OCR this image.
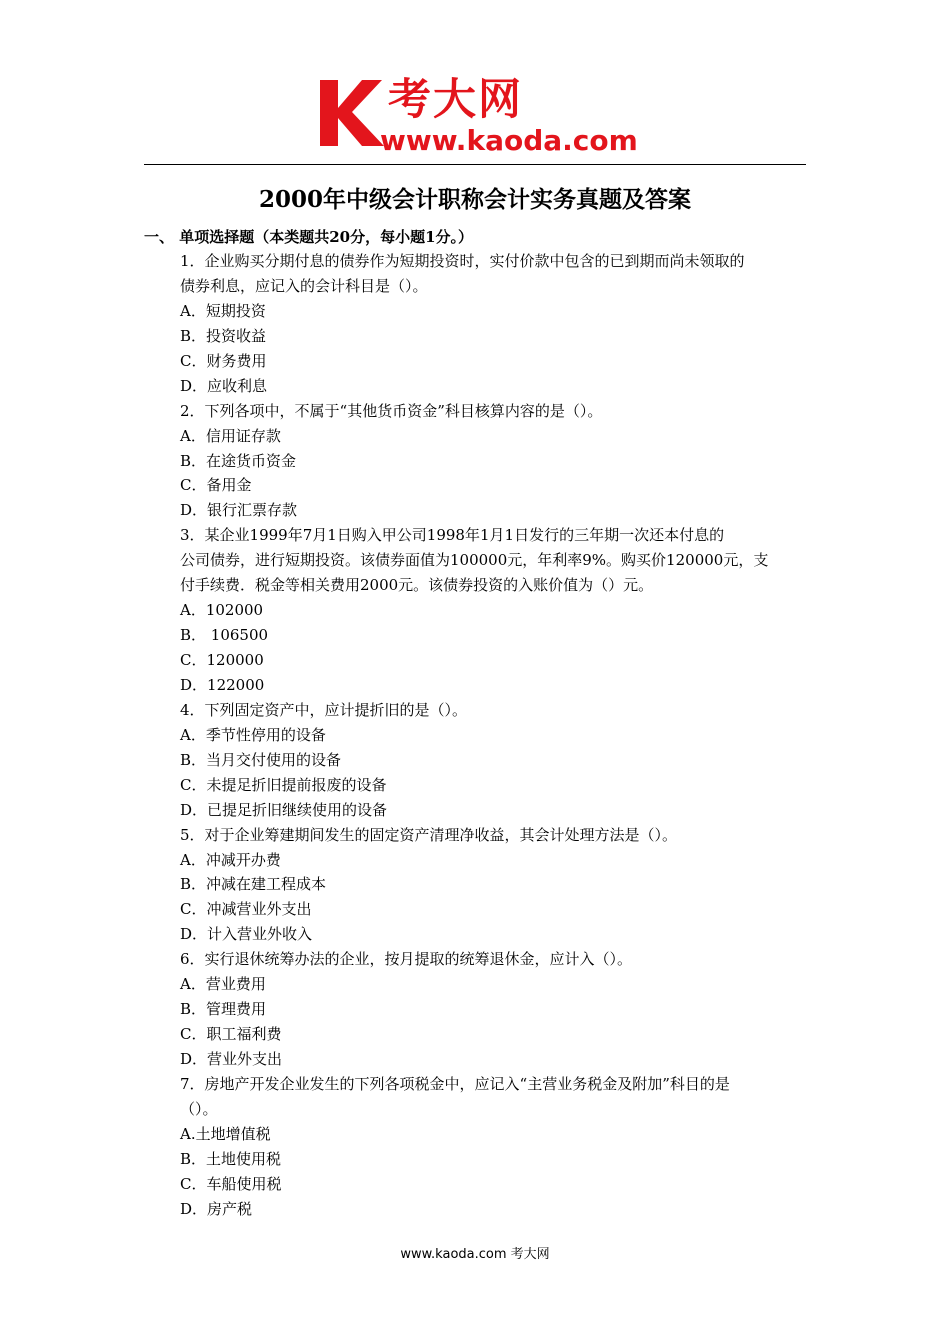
考大网
www.kaoda.com
2000年中级会计职称会计实务真题及答案
一、 单项选择题（本类题共20分，每小题1分。）
1．企业购买分期付息的债券作为短期投资时，实付价款中包含的已到期而尚未领取的
债券利息，应记入的会计科目是（）。
A．短期投资
B．投资收益
C．财务费用
D．应收利息
2．下列各项中，不属于“其他货币资金”科目核算内容的是（）。
A．信用证存款
B．在途货币资金
C．备用金
D．银行汇票存款
3．某企业1999年7月1日购入甲公司1998年1月1日发行的三年期一次还本付息的
公司债券，进行短期投资。该债券面值为100000元，年利率9%。购买价120000元，支
付手续费．税金等相关费用2000元。该债券投资的入账价值为（）元。
A．102000
B． 106500
C．120000
D．122000
4．下列固定资产中，应计提折旧的是（）。
A．季节性停用的设备
B．当月交付使用的设备
C．未提足折旧提前报废的设备
D．已提足折旧继续使用的设备
5．对于企业筹建期间发生的固定资产清理净收益，其会计处理方法是（）。
A．冲减开办费
B．冲减在建工程成本
C．冲减营业外支出
D．计入营业外收入
6．实行退休统筹办法的企业，按月提取的统筹退休金，应计入（）。
A．营业费用
B．管理费用
C．职工福利费
D．营业外支出
7．房地产开发企业发生的下列各项税金中，应记入“主营业务税金及附加”科目的是
（）。
A.土地增值税
B．土地使用税
C．车船使用税
D．房产税
www.kaoda.com 考大网
